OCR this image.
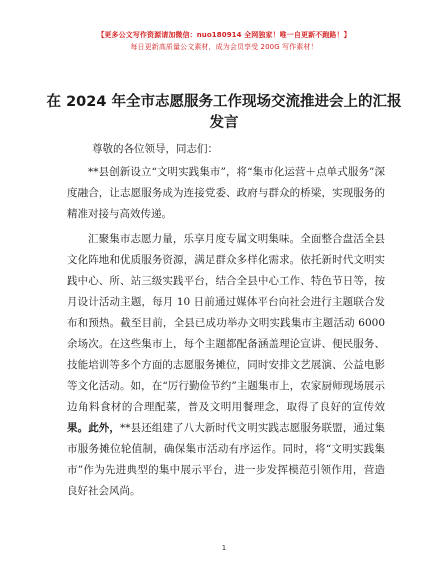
【更多公文写作资源请加微信：nuo180914 全网独家！唯一自更新不跑路！】
每日更新高质量公文素材，成为会员享受 200G 写作素材！
在 2024 年全市志愿服务工作现场交流推进会上的汇报发言
尊敬的各位领导，同志们：

**县创新设立“文明实践集市”，将“集市化运营＋点单式服务”深度融合，让志愿服务成为连接党委、政府与群众的桥梁，实现服务的精准对接与高效传递。

汇聚集市志愿力量，乐享月度专属文明集味。全面整合盘活全县文化阵地和优质服务资源，满足群众多样化需求。依托新时代文明实践中心、所、站三级实践平台，结合全县中心工作、特色节日等，按月设计活动主题，每月 10 日前通过媒体平台向社会进行主题联合发布和预热。截至目前，全县已成功举办文明实践集市主题活动 6000 余场次。在这些集市上，每个主题都配备涵盖理论宣讲、便民服务、技能培训等多个方面的志愿服务摊位，同时安排文艺展演、公益电影等文化活动。如，在“厉行勤俭节约”主题集市上，农家厨师现场展示边角料食材的合理配菜，普及文明用餐理念，取得了良好的宣传效果。此外，**县还组建了八大新时代文明实践志愿服务联盟，通过集市服务摊位轮值制，确保集市活动有序运作。同时，将“文明实践集市”作为先进典型的集中展示平台，进一步发挥模范引领作用，营造良好社会风尚。

1
